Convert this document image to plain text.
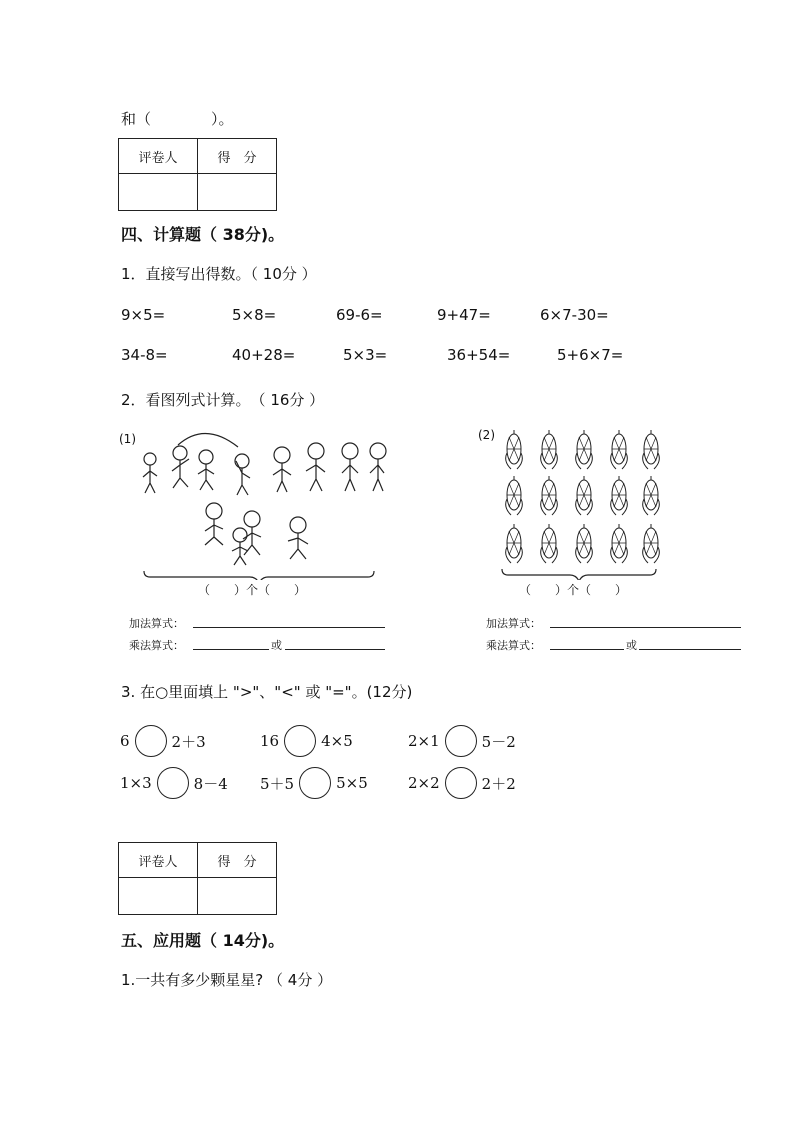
和（　　　　）。
评卷人	得　分

四、计算题（ 38分)。
1．直接写出得数。（ 10分 ）
9×5=	5×8=	69-6=	9+47=	6×7-30=
34-8=	40+28=	5×3=	36+54=	5+6×7=
2．看图列式计算。　（ 16分 ）
(1)
（　　）个（　　）
加法算式：
乘法算式：	或
(2)
（　　）个（　　）
加法算式：
乘法算式：	或
3. 在○里面填上 ">"、"<" 或 "="。(12分)
6	2＋3	16	4×5	2×1	5－2
1×3	8－4 5＋5	5×5	2×2	2＋2
评卷人	得　分

五、应用题（ 14分)。
1.一共有多少颗星星? （ 4分 ）
